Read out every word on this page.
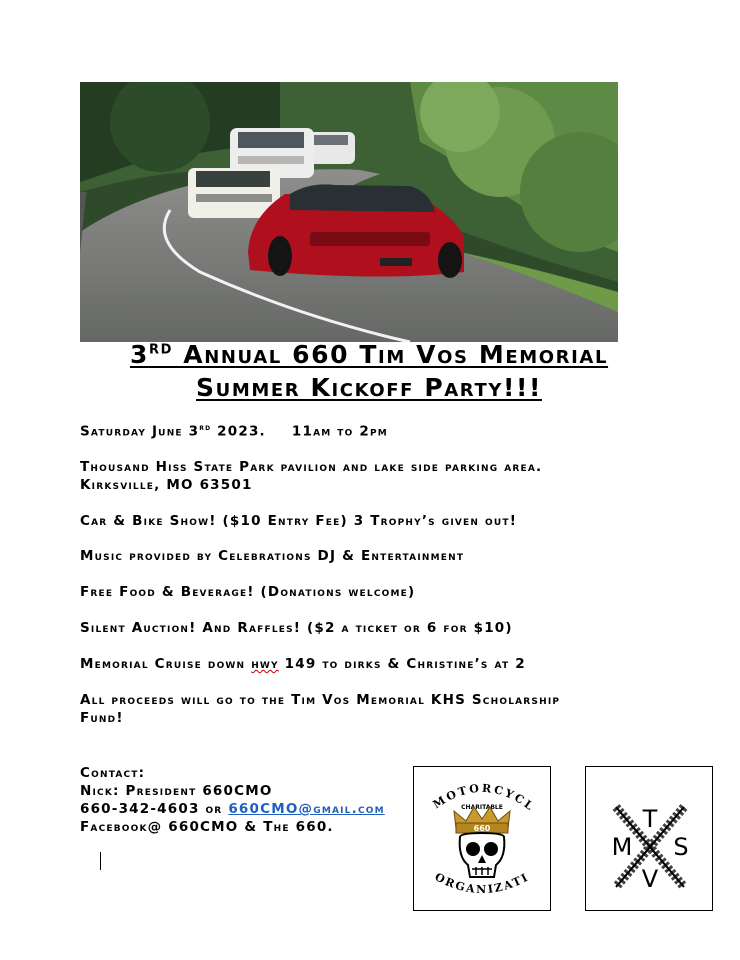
3RD Annual 660 Tim Vos Memorial
Summer Kickoff Party!!!
Saturday June 3rd 2023. 11am to 2pm
Thousand Hiss State Park pavilion and lake side parking area.
Kirksville, MO 63501
Car & Bike Show! ($10 Entry Fee) 3 Trophy’s given out!
Music provided by Celebrations DJ & Entertainment
Free Food & Beverage! (Donations welcome)
Silent Auction! And Raffles! ($2 a ticket or 6 for $10)
Memorial Cruise down hwy 149 to dirks & Christine’s at 2
All proceeds will go to the Tim Vos Memorial KHS Scholarship
Fund!
Contact:
Nick: President 660CMO
660-342-4603 or 660CMO@gmail.com
Facebook@ 660CMO & The 660.
MOTORCYCL
CHARITABLE
660
ORGANIZATI
T
M S
V
